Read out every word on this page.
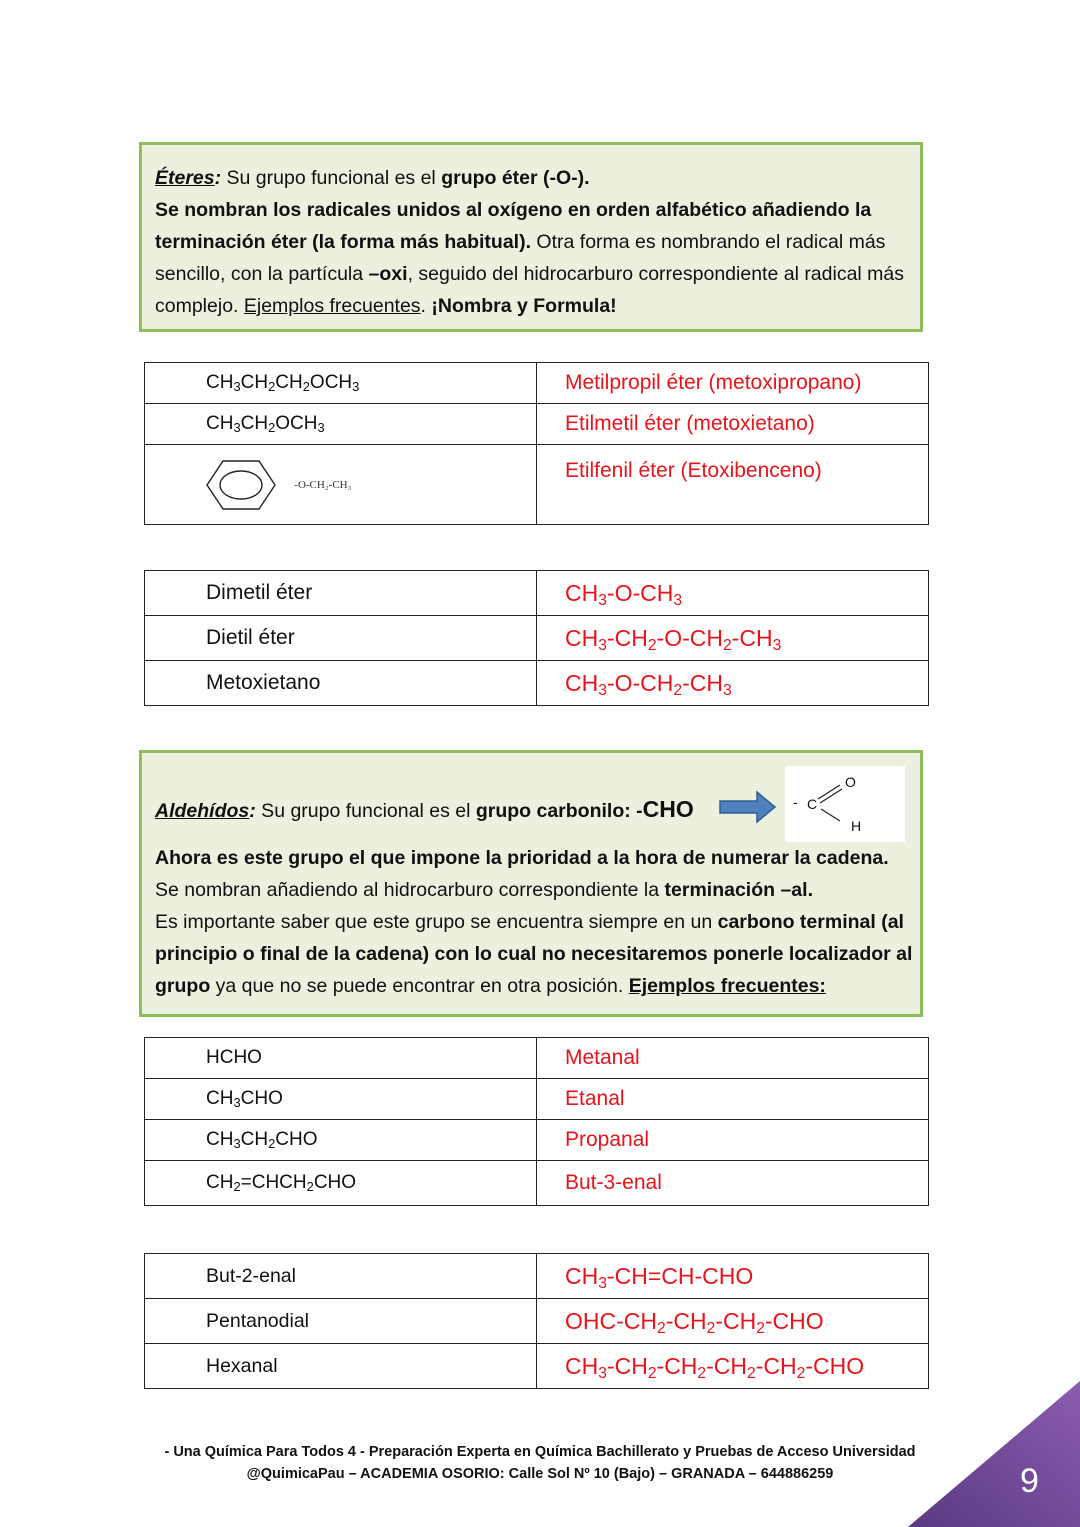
Éteres: Su grupo funcional es el grupo éter (-O-).

Se nombran los radicales unidos al oxígeno en orden alfabético añadiendo la terminación éter (la forma más habitual). Otra forma es nombrando el radical más sencillo, con la partícula –oxi, seguido del hidrocarburo correspondiente al radical más complejo. Ejemplos frecuentes. ¡Nombra y Formula!

$CH_3CH_2CH_2OCH_3$	Metilpropil éter (metoxipropano)
$CH_3CH_2OCH_3$	Etilmetil éter (metoxietano)
-O-CH₂-CH₃	Etilfenil éter (Etoxibenceno)
Dimetil éter	$CH_3-O-CH_3$
Dietil éter	$CH_3-CH_2-O-CH_2-CH_3$
Metoxietano	$CH_3-O-CH_2-CH_3$
Aldehídos: Su grupo funcional es el grupo carbonilo: -CHO	- C
O
H

Ahora es este grupo el que impone la prioridad a la hora de numerar la cadena.

Se nombran añadiendo al hidrocarburo correspondiente la terminación –al.

Es importante saber que este grupo se encuentra siempre en un carbono terminal (al principio o final de la cadena) con lo cual no necesitaremos ponerle localizador al grupo ya que no se puede encontrar en otra posición. Ejemplos frecuentes:

HCHO	Metanal
$CH_3CHO$	Etanal
$CH_3CH_2CHO$	Propanal
$CH_2=CHCH_2CHO$	But-3-enal
But-2-enal	$CH_3-CH=CH$-CHO
Pentanodial	OHC-$CH_2-CH_2-CH_2$-CHO
Hexanal	$CH_3-CH_2-CH_2-CH_2-CH_2$-CHO
- Una Química Para Todos 4 - Preparación Experta en Química Bachillerato y Pruebas de Acceso Universidad
@QuimicaPau – ACADEMIA OSORIO: Calle Sol Nº 10 (Bajo) – GRANADA – 644886259	9
